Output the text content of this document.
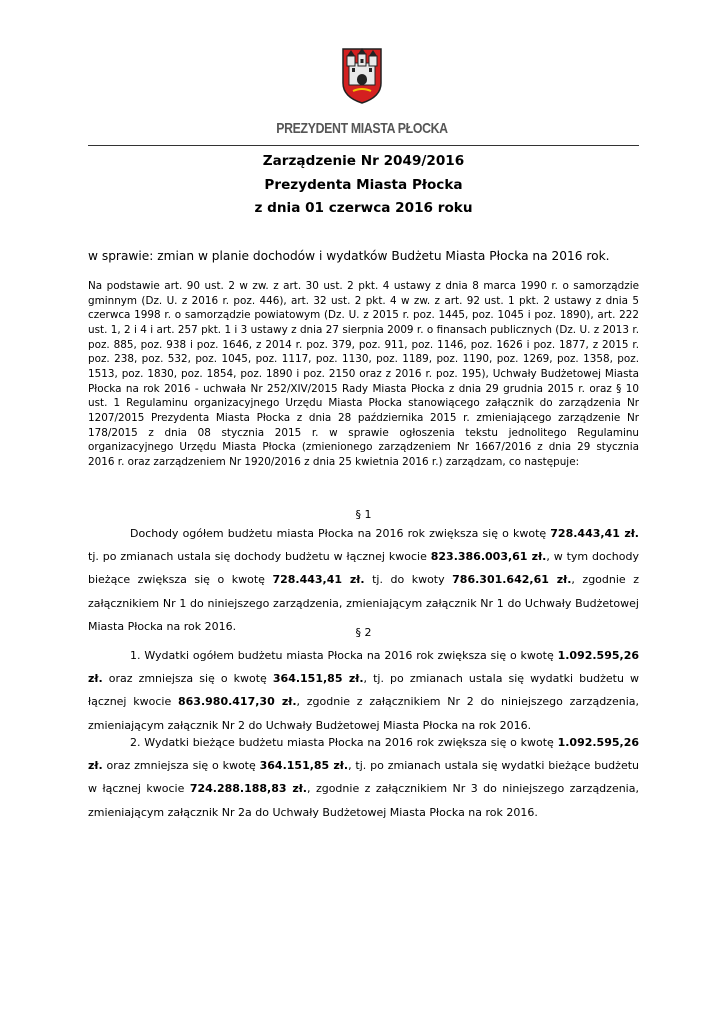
PREZYDENT MIASTA PŁOCKA
Zarządzenie Nr 2049/2016
Prezydenta Miasta Płocka
z dnia 01 czerwca 2016 roku
w sprawie: zmian w planie dochodów i wydatków Budżetu Miasta Płocka na 2016 rok.
Na podstawie art. 90 ust. 2 w zw. z art. 30 ust. 2 pkt. 4 ustawy z dnia 8 marca 1990 r. o samorządzie gminnym (Dz. U. z 2016 r. poz. 446), art. 32 ust. 2 pkt. 4 w zw. z art. 92 ust. 1 pkt. 2 ustawy z dnia 5 czerwca 1998 r. o samorządzie powiatowym (Dz. U. z 2015 r. poz. 1445, poz. 1045 i poz. 1890), art. 222 ust. 1, 2 i 4 i art. 257 pkt. 1 i 3 ustawy z dnia 27 sierpnia 2009 r. o finansach publicznych (Dz. U. z 2013 r. poz. 885, poz. 938 i poz. 1646, z 2014 r. poz. 379, poz. 911, poz. 1146, poz. 1626 i poz. 1877, z 2015 r. poz. 238, poz. 532, poz. 1045, poz. 1117, poz. 1130, poz. 1189, poz. 1190, poz. 1269, poz. 1358, poz. 1513, poz. 1830, poz. 1854, poz. 1890 i poz. 2150 oraz z 2016 r. poz. 195), Uchwały Budżetowej Miasta Płocka na rok 2016 - uchwała Nr 252/XIV/2015 Rady Miasta Płocka z dnia 29 grudnia 2015 r. oraz § 10 ust. 1 Regulaminu organizacyjnego Urzędu Miasta Płocka stanowiącego załącznik do zarządzenia Nr 1207/2015 Prezydenta Miasta Płocka z dnia 28 października 2015 r. zmieniającego zarządzenie Nr 178/2015 z dnia 08 stycznia 2015 r. w sprawie ogłoszenia tekstu jednolitego Regulaminu organizacyjnego Urzędu Miasta Płocka (zmienionego zarządzeniem Nr 1667/2016 z dnia 29 stycznia 2016 r. oraz zarządzeniem Nr 1920/2016 z dnia 25 kwietnia 2016 r.) zarządzam, co następuje:
§ 1
Dochody ogółem budżetu miasta Płocka na 2016 rok zwiększa się o kwotę 728.443,41 zł. tj. po zmianach ustala się dochody budżetu w łącznej kwocie 823.386.003,61 zł., w tym dochody bieżące zwiększa się o kwotę 728.443,41 zł. tj. do kwoty 786.301.642,61 zł., zgodnie z załącznikiem Nr 1 do niniejszego zarządzenia, zmieniającym załącznik Nr 1 do Uchwały Budżetowej Miasta Płocka na rok 2016.	§ 2
1. Wydatki ogółem budżetu miasta Płocka na 2016 rok zwiększa się o kwotę 1.092.595,26 zł. oraz zmniejsza się o kwotę 364.151,85 zł., tj. po zmianach ustala się wydatki budżetu w łącznej kwocie 863.980.417,30 zł., zgodnie z załącznikiem Nr 2 do niniejszego zarządzenia, zmieniającym załącznik Nr 2 do Uchwały Budżetowej Miasta Płocka na rok 2016.
2. Wydatki bieżące budżetu miasta Płocka na 2016 rok zwiększa się o kwotę 1.092.595,26 zł. oraz zmniejsza się o kwotę 364.151,85 zł., tj. po zmianach ustala się wydatki bieżące budżetu w łącznej kwocie 724.288.188,83 zł., zgodnie z załącznikiem Nr 3 do niniejszego zarządzenia, zmieniającym załącznik Nr 2a do Uchwały Budżetowej Miasta Płocka na rok 2016.
